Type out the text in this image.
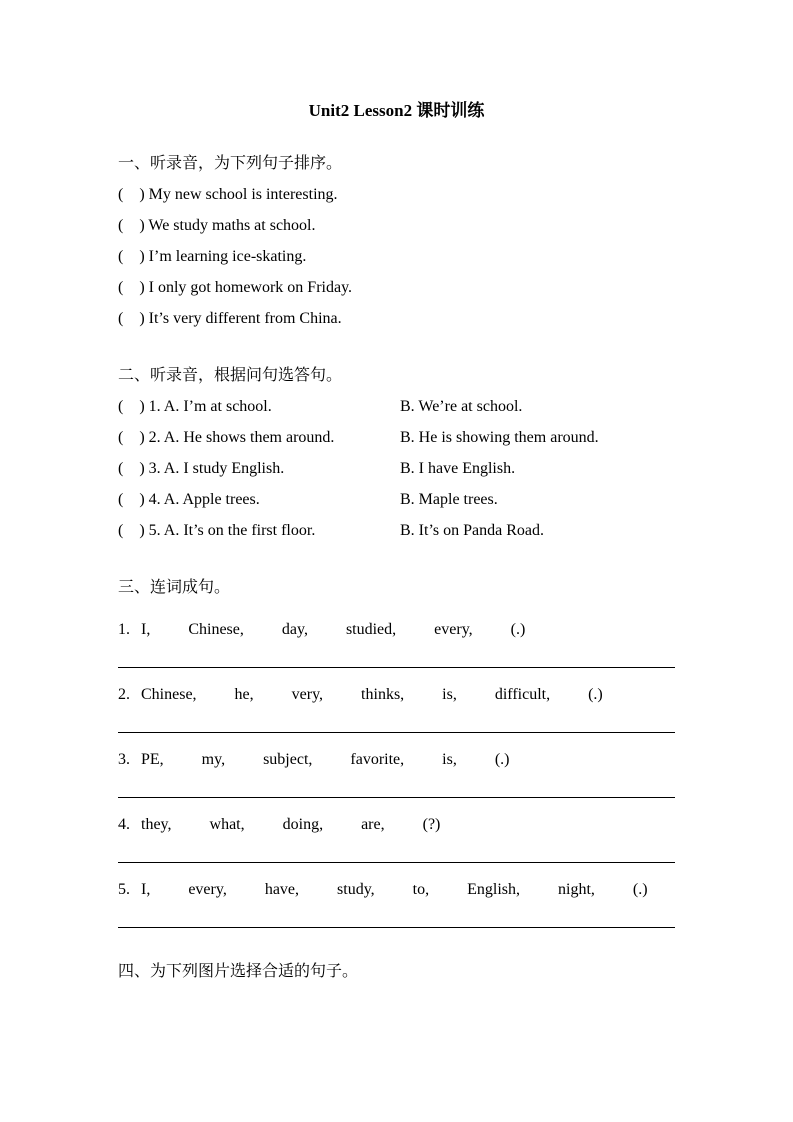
Unit2 Lesson2 课时训练
一、听录音，为下列句子排序。
(    ) My new school is interesting.
(    ) We study maths at school.
(    ) I’m learning ice-skating.
(    ) I only got homework on Friday.
(    ) It’s very different from China.
二、听录音，根据问句选答句。
(    ) 1. A. I’m at school.	B. We’re at school.
(    ) 2. A. He shows them around.	B. He is showing them around.
(    ) 3. A. I study English.	B. I have English.
(    ) 4. A. Apple trees.	B. Maple trees.
(    ) 5. A. It’s on the first floor.	B. It’s on Panda Road.
三、连词成句。
1. I, Chinese, day, studied, every, (.)
2. Chinese, he, very, thinks, is, difficult, (.)
3. PE, my, subject, favorite, is, (.)
4. they, what, doing, are, (?)
5. I, every, have, study, to, English, night, (.)
四、为下列图片选择合适的句子。
